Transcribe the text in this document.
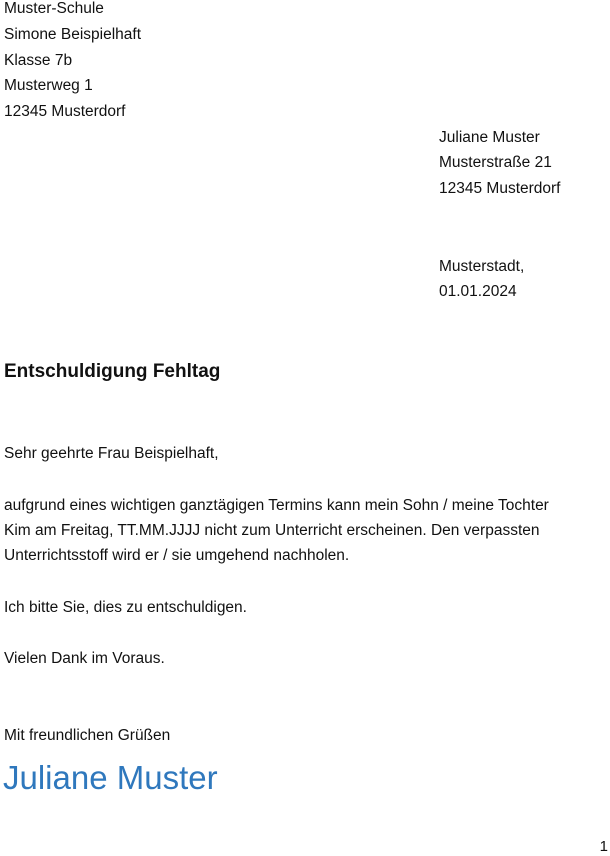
Muster-Schule
Simone Beispielhaft
Klasse 7b
Musterweg 1
12345 Musterdorf
Juliane Muster
Musterstraße 21
12345 Musterdorf
Musterstadt,
01.01.2024
Entschuldigung Fehltag
Sehr geehrte Frau Beispielhaft,
aufgrund eines wichtigen ganztägigen Termins kann mein Sohn / meine Tochter
Kim am Freitag, TT.MM.JJJJ nicht zum Unterricht erscheinen. Den verpassten
Unterrichtsstoff wird er / sie umgehend nachholen.
Ich bitte Sie, dies zu entschuldigen.
Vielen Dank im Voraus.
Mit freundlichen Grüßen
Juliane Muster
1
